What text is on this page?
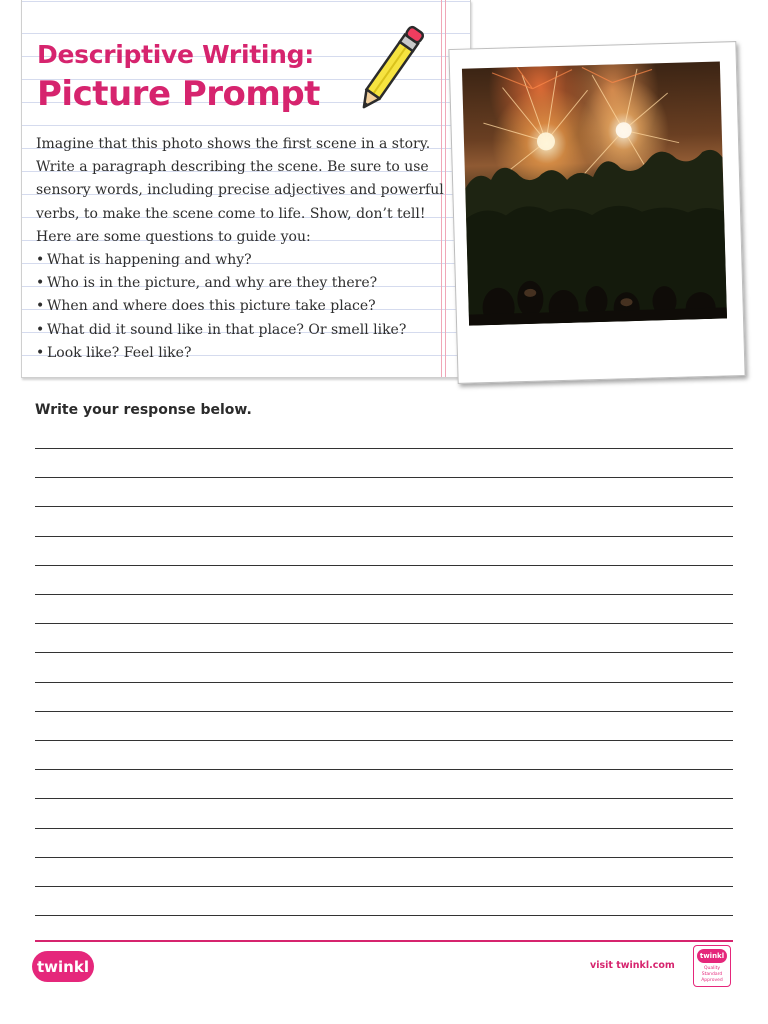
Descriptive Writing:
Picture Prompt

Imagine that this photo shows the first scene in a story.

Write a paragraph describing the scene. Be sure to use

sensory words, including precise adjectives and powerful

verbs, to make the scene come to life. Show, don’t tell!

Here are some questions to guide you:

• What is happening and why?
• Who is in the picture, and why are they there?
• When and where does this picture take place?
• What did it sound like in that place? Or smell like?
• Look like? Feel like?

Write your response below.

twinkl	visit twinkl.com

twinkl
Quality Standard Approved
